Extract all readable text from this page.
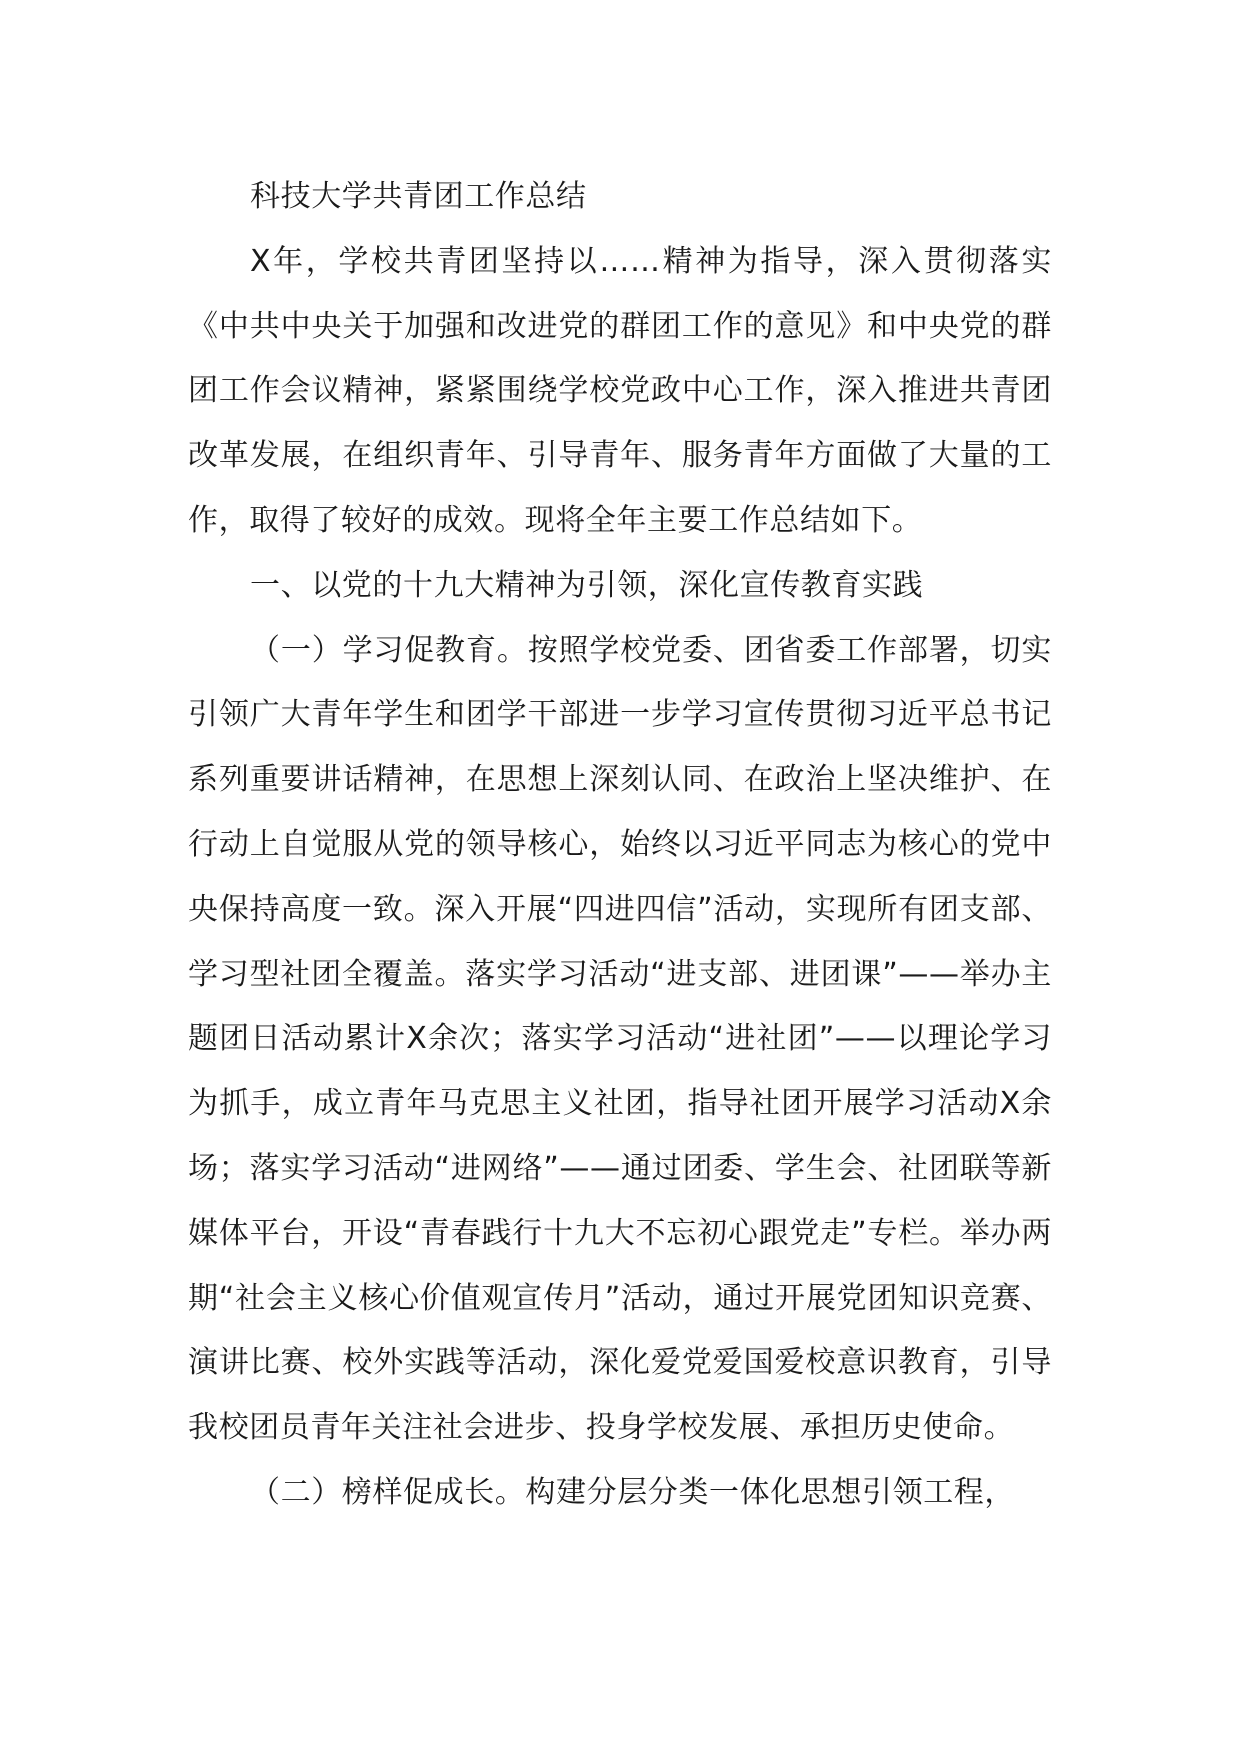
科技大学共青团工作总结

X年，学校共青团坚持以……精神为指导，深入贯彻落实《中共中央关于加强和改进党的群团工作的意见》和中央党的群团工作会议精神，紧紧围绕学校党政中心工作，深入推进共青团改革发展，在组织青年、引导青年、服务青年方面做了大量的工作，取得了较好的成效。现将全年主要工作总结如下。

一、以党的十九大精神为引领，深化宣传教育实践

（一）学习促教育。按照学校党委、团省委工作部署，切实引领广大青年学生和团学干部进一步学习宣传贯彻习近平总书记系列重要讲话精神，在思想上深刻认同、在政治上坚决维护、在行动上自觉服从党的领导核心，始终以习近平同志为核心的党中央保持高度一致。深入开展“四进四信”活动，实现所有团支部、学习型社团全覆盖。落实学习活动“进支部、进团课”——举办主题团日活动累计X余次；落实学习活动“进社团”——以理论学习为抓手，成立青年马克思主义社团，指导社团开展学习活动X余场；落实学习活动“进网络”——通过团委、学生会、社团联等新媒体平台，开设“青春践行十九大不忘初心跟党走”专栏。举办两期“社会主义核心价值观宣传月”活动，通过开展党团知识竞赛、演讲比赛、校外实践等活动，深化爱党爱国爱校意识教育，引导我校团员青年关注社会进步、投身学校发展、承担历史使命。

（二）榜样促成长。构建分层分类一体化思想引领工程，
